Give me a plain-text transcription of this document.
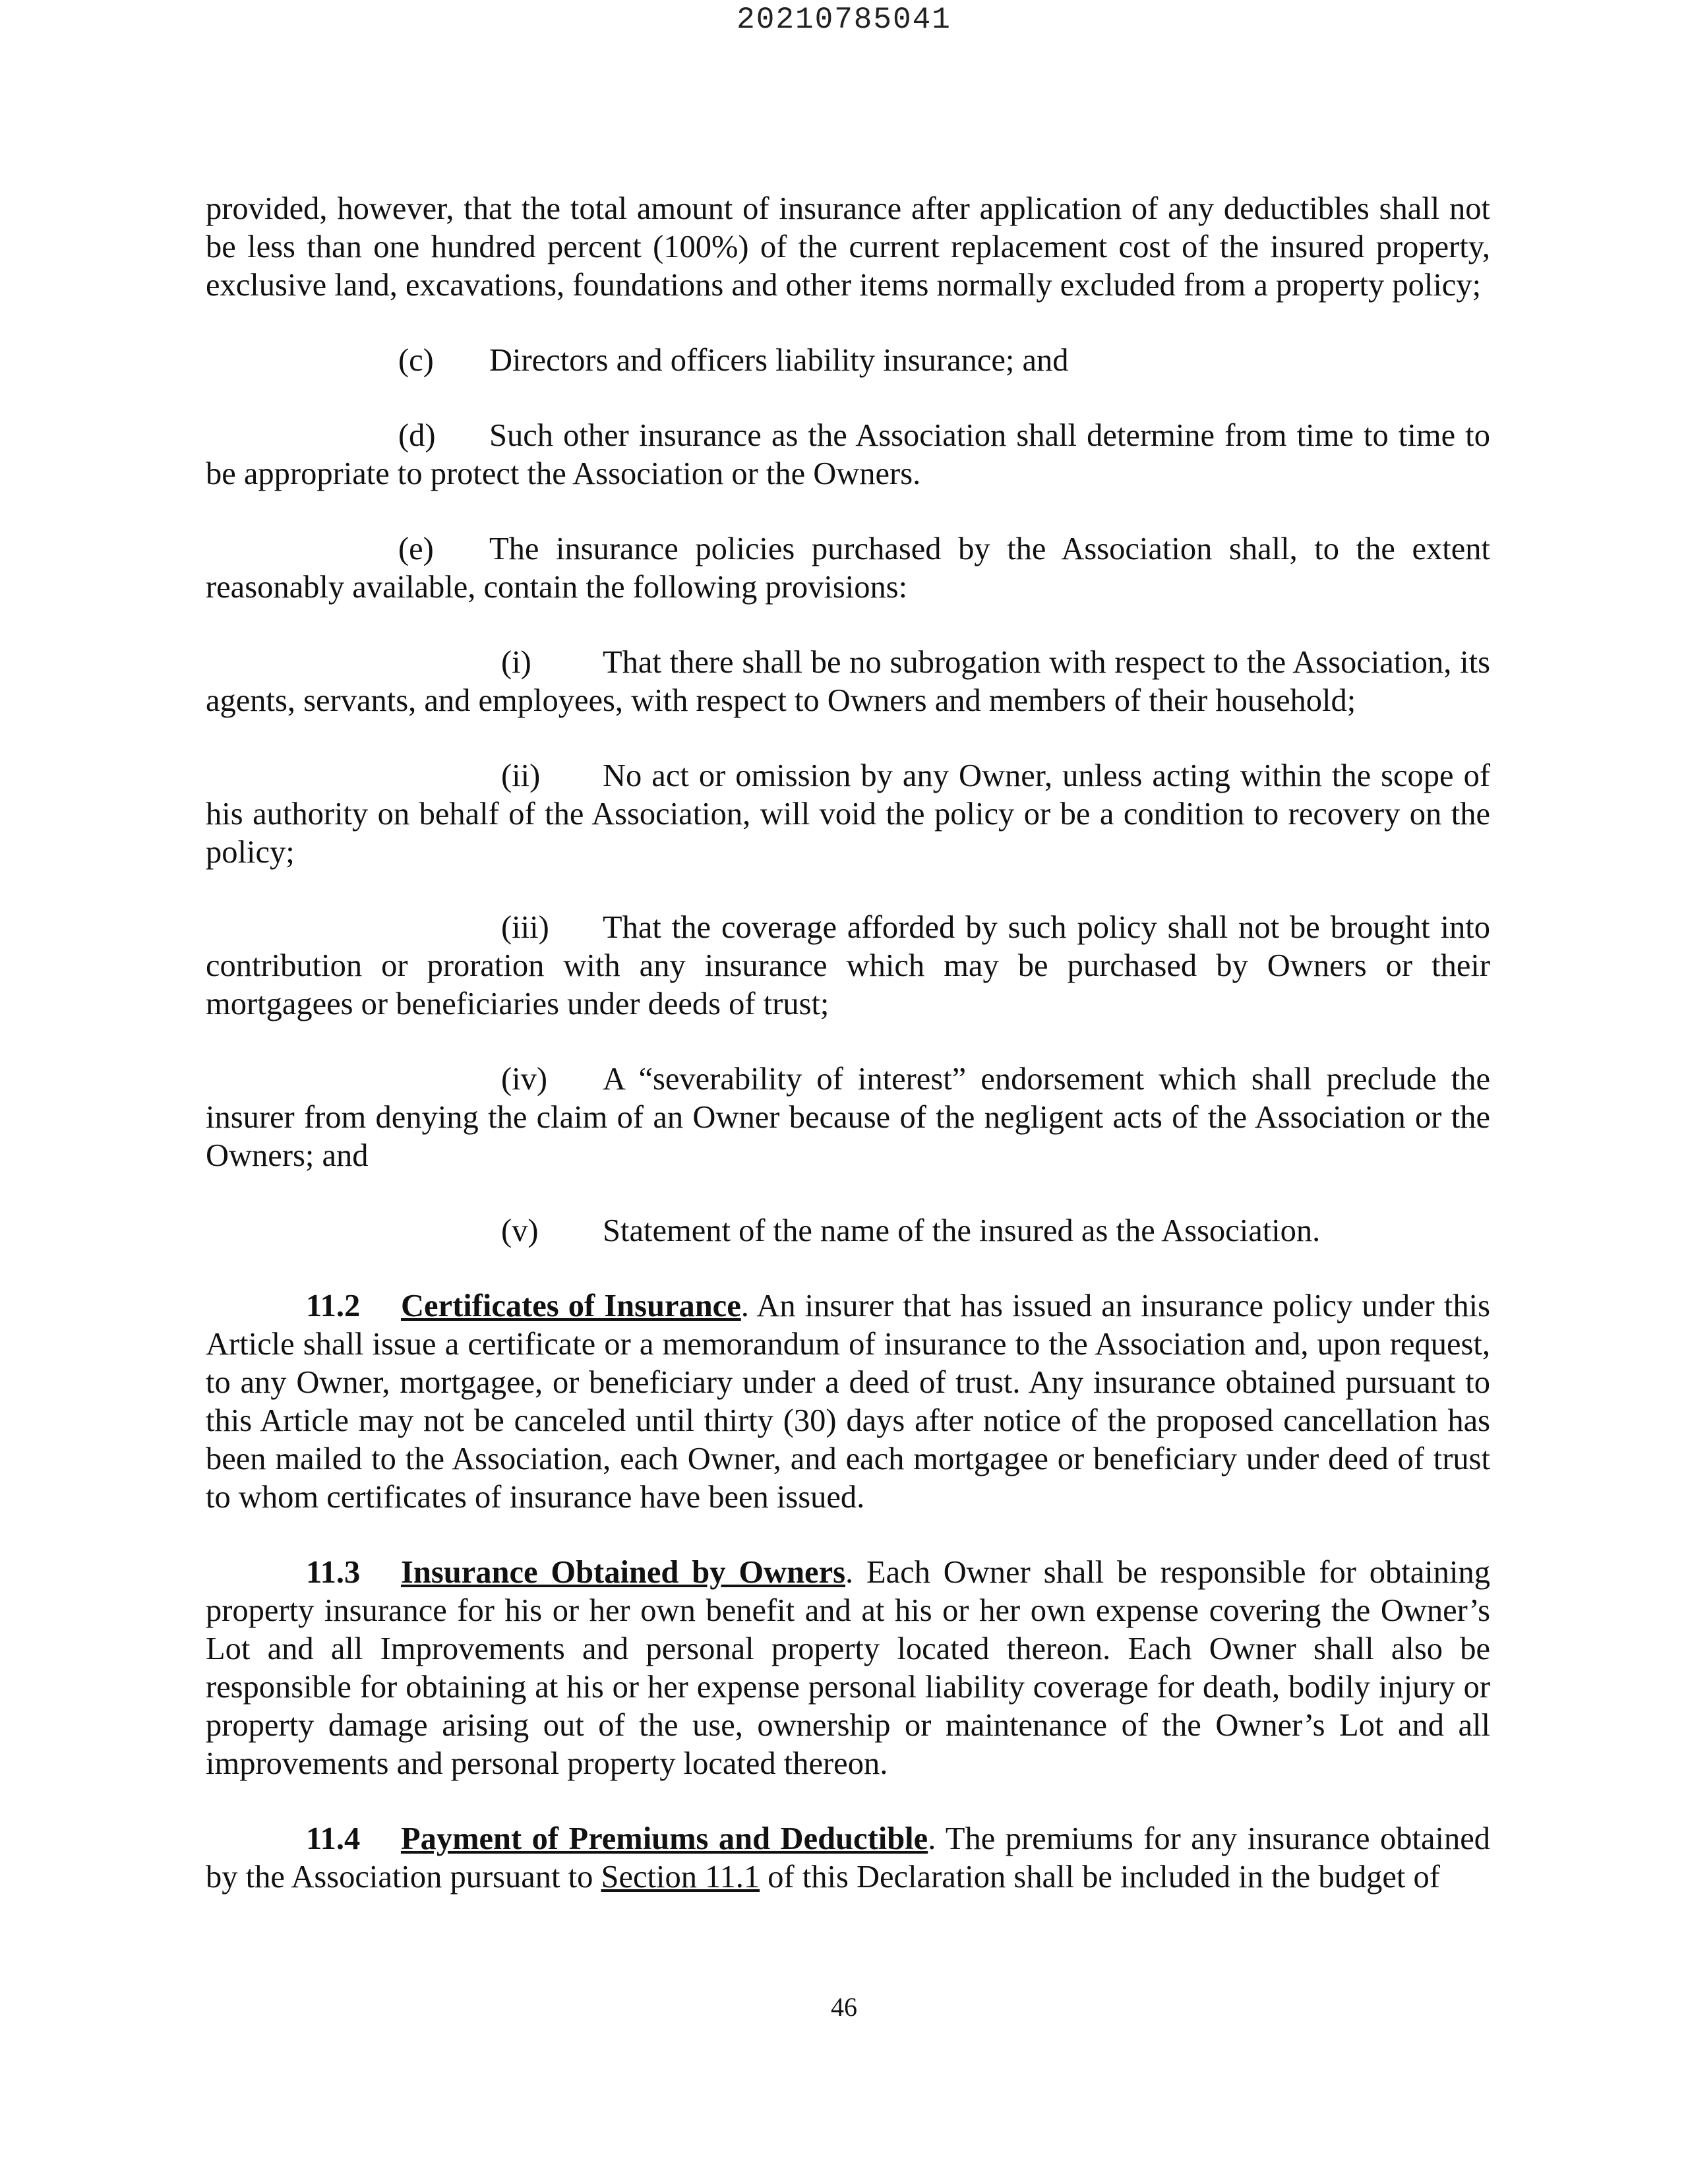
20210785041

provided, however, that the total amount of insurance after application of any deductibles shall not be less than one hundred percent (100%) of the current replacement cost of the insured property, exclusive land, excavations, foundations and other items normally excluded from a property policy;

(c) Directors and officers liability insurance; and

(d) Such other insurance as the Association shall determine from time to time to be appropriate to protect the Association or the Owners.

(e) The insurance policies purchased by the Association shall, to the extent reasonably available, contain the following provisions:

(i) That there shall be no subrogation with respect to the Association, its agents, servants, and employees, with respect to Owners and members of their household;

(ii) No act or omission by any Owner, unless acting within the scope of his authority on behalf of the Association, will void the policy or be a condition to recovery on the policy;

(iii) That the coverage afforded by such policy shall not be brought into contribution or proration with any insurance which may be purchased by Owners or their mortgagees or beneficiaries under deeds of trust;

(iv) A “severability of interest” endorsement which shall preclude the insurer from denying the claim of an Owner because of the negligent acts of the Association or the Owners; and

(v) Statement of the name of the insured as the Association.

11.2 Certificates of Insurance. An insurer that has issued an insurance policy under this Article shall issue a certificate or a memorandum of insurance to the Association and, upon request, to any Owner, mortgagee, or beneficiary under a deed of trust. Any insurance obtained pursuant to this Article may not be canceled until thirty (30) days after notice of the proposed cancellation has been mailed to the Association, each Owner, and each mortgagee or beneficiary under deed of trust to whom certificates of insurance have been issued.

11.3 Insurance Obtained by Owners. Each Owner shall be responsible for obtaining property insurance for his or her own benefit and at his or her own expense covering the Owner’s Lot and all Improvements and personal property located thereon. Each Owner shall also be responsible for obtaining at his or her expense personal liability coverage for death, bodily injury or property damage arising out of the use, ownership or maintenance of the Owner’s Lot and all improvements and personal property located thereon.

11.4 Payment of Premiums and Deductible. The premiums for any insurance obtained by the Association pursuant to Section 11.1 of this Declaration shall be included in the budget of

46
